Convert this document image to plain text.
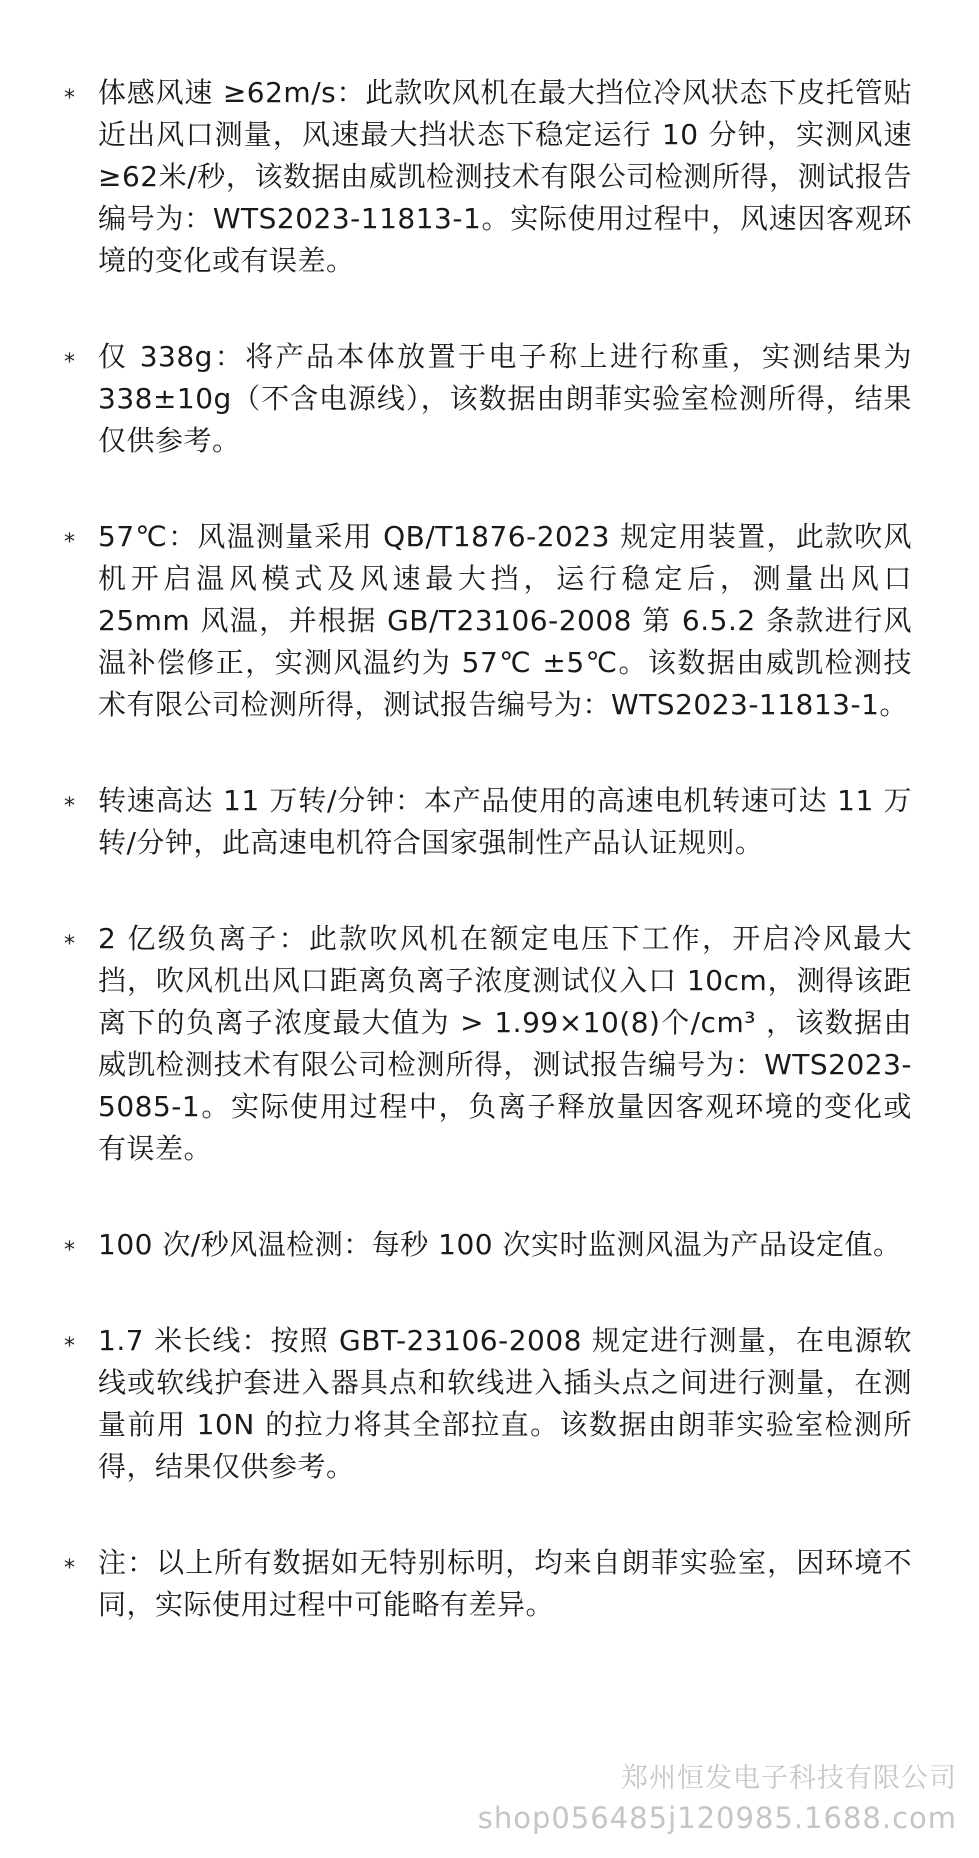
* 体感风速 ≥62m/s：此款吹风机在最大挡位冷风状态下皮托管贴近出风口测量，风速最大挡状态下稳定运行 10 分钟，实测风速 ≥62米/秒，该数据由威凯检测技术有限公司检测所得，测试报告编号为：WTS2023-11813-1。实际使用过程中，风速因客观环境的变化或有误差。
* 仅 338g：将产品本体放置于电子称上进行称重，实测结果为 338±10g（不含电源线），该数据由朗菲实验室检测所得，结果仅供参考。
* 57℃：风温测量采用 QB/T1876-2023 规定用装置，此款吹风机开启温风模式及风速最大挡，运行稳定后，测量出风口 25mm 风温，并根据 GB/T23106-2008 第 6.5.2 条款进行风温补偿修正，实测风温约为 57℃ ±5℃。该数据由威凯检测技术有限公司检测所得，测试报告编号为：WTS2023-11813-1。
* 转速高达 11 万转/分钟：本产品使用的高速电机转速可达 11 万转/分钟，此高速电机符合国家强制性产品认证规则。
* 2 亿级负离子：此款吹风机在额定电压下工作，开启冷风最大挡，吹风机出风口距离负离子浓度测试仪入口 10cm，测得该距离下的负离子浓度最大值为 > 1.99×10(8)个/cm³ ，该数据由威凯检测技术有限公司检测所得，测试报告编号为：WTS2023-5085-1。实际使用过程中，负离子释放量因客观环境的变化或有误差。
* 100 次/秒风温检测：每秒 100 次实时监测风温为产品设定值。
* 1.7 米长线：按照 GBT-23106-2008 规定进行测量，在电源软线或软线护套进入器具点和软线进入插头点之间进行测量，在测量前用 10N 的拉力将其全部拉直。该数据由朗菲实验室检测所得，结果仅供参考。
* 注：以上所有数据如无特别标明，均来自朗菲实验室，因环境不同，实际使用过程中可能略有差异。
郑州恒发电子科技有限公司
shop056485j120985.1688.com
